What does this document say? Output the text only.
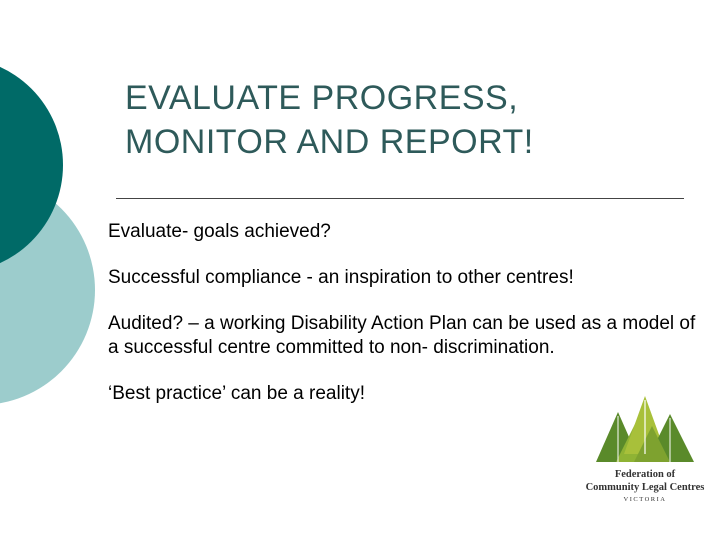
EVALUATE PROGRESS,
MONITOR AND REPORT!

Evaluate- goals achieved?

Successful compliance - an inspiration to other centres!

Audited? – a working Disability Action Plan can be used as a model of a successful centre committed to non- discrimination.

‘Best practice’ can be a reality!

Federation of
Community Legal Centres
VICTORIA
